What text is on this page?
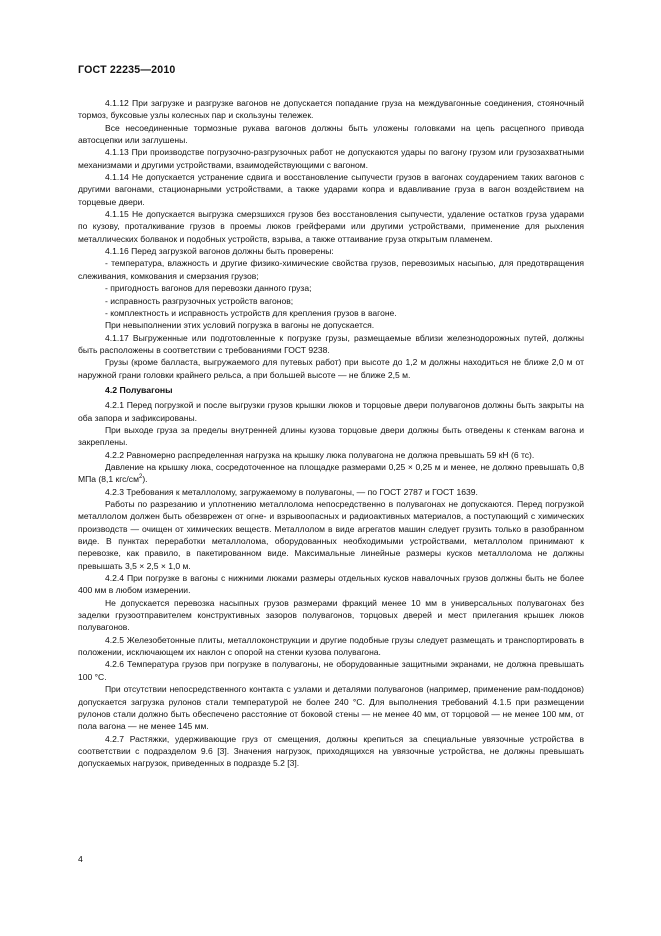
ГОСТ 22235—2010

4.1.12 При загрузке и разгрузке вагонов не допускается попадание груза на междувагонные соединения, стояночный тормоз, буксовые узлы колесных пар и скользуны тележек.

Все несоединенные тормозные рукава вагонов должны быть уложены головками на цепь расцепного привода автосцепки или заглушены.

4.1.13 При производстве погрузочно-разгрузочных работ не допускаются удары по вагону грузом или грузозахватными механизмами и другими устройствами, взаимодействующими с вагоном.

4.1.14 Не допускается устранение сдвига и восстановление сыпучести грузов в вагонах соударением таких вагонов с другими вагонами, стационарными устройствами, а также ударами копра и вдавливание груза в вагон воздействием на торцевые двери.

4.1.15 Не допускается выгрузка смерзшихся грузов без восстановления сыпучести, удаление остатков груза ударами по кузову, проталкивание грузов в проемы люков грейферами или другими устройствами, применение для рыхления металлических болванок и подобных устройств, взрыва, а также оттаивание груза открытым пламенем.

4.1.16 Перед загрузкой вагонов должны быть проверены:

- температура, влажность и другие физико-химические свойства грузов, перевозимых насыпью, для предотвращения слеживания, комкования и смерзания грузов;

- пригодность вагонов для перевозки данного груза;

- исправность разгрузочных устройств вагонов;

- комплектность и исправность устройств для крепления грузов в вагоне.

При невыполнении этих условий погрузка в вагоны не допускается.

4.1.17 Выгруженные или подготовленные к погрузке грузы, размещаемые вблизи железнодорожных путей, должны быть расположены в соответствии с требованиями ГОСТ 9238.

Грузы (кроме балласта, выгружаемого для путевых работ) при высоте до 1,2 м должны находиться не ближе 2,0 м от наружной грани головки крайнего рельса, а при большей высоте — не ближе 2,5 м.

4.2 Полувагоны

4.2.1 Перед погрузкой и после выгрузки грузов крышки люков и торцовые двери полувагонов должны быть закрыты на оба запора и зафиксированы.

При выходе груза за пределы внутренней длины кузова торцовые двери должны быть отведены к стенкам вагона и закреплены.

4.2.2 Равномерно распределенная нагрузка на крышку люка полувагона не должна превышать 59 кН (6 тс).

Давление на крышку люка, сосредоточенное на площадке размерами 0,25 × 0,25 м и менее, не должно превышать 0,8 МПа (8,1 кгс/$см^2$).

4.2.3 Требования к металлолому, загружаемому в полувагоны, — по ГОСТ 2787 и ГОСТ 1639.

Работы по разрезанию и уплотнению металлолома непосредственно в полувагонах не допускаются. Перед погрузкой металлолом должен быть обезврежен от огне- и взрывоопасных и радиоактивных материалов, а поступающий с химических производств — очищен от химических веществ. Металлолом в виде агрегатов машин следует грузить только в разобранном виде. В пунктах переработки металлолома, оборудованных необходимыми устройствами, металлолом принимают к перевозке, как правило, в пакетированном виде. Максимальные линейные размеры кусков металлолома не должны превышать 3,5 × 2,5 × 1,0 м.

4.2.4 При погрузке в вагоны с нижними люками размеры отдельных кусков навалочных грузов должны быть не более 400 мм в любом измерении.

Не допускается перевозка насыпных грузов размерами фракций менее 10 мм в универсальных полувагонах без заделки грузоотправителем конструктивных зазоров полувагонов, торцовых дверей и мест прилегания крышек люков полувагонов.

4.2.5 Железобетонные плиты, металлоконструкции и другие подобные грузы следует размещать и транспортировать в положении, исключающем их наклон с опорой на стенки кузова полувагона.

4.2.6 Температура грузов при погрузке в полувагоны, не оборудованные защитными экранами, не должна превышать 100 °С.

При отсутствии непосредственного контакта с узлами и деталями полувагонов (например, применение рам-поддонов) допускается загрузка рулонов стали температурой не более 240 °С. Для выполнения требований 4.1.5 при размещении рулонов стали должно быть обеспечено расстояние от боковой стены — не менее 40 мм, от торцовой — не менее 100 мм, от пола вагона — не менее 145 мм.

4.2.7 Растяжки, удерживающие груз от смещения, должны крепиться за специальные увязочные устройства в соответствии с подразделом 9.6 [3]. Значения нагрузок, приходящихся на увязочные устройства, не должны превышать допускаемых нагрузок, приведенных в подразде 5.2 [3].

4
